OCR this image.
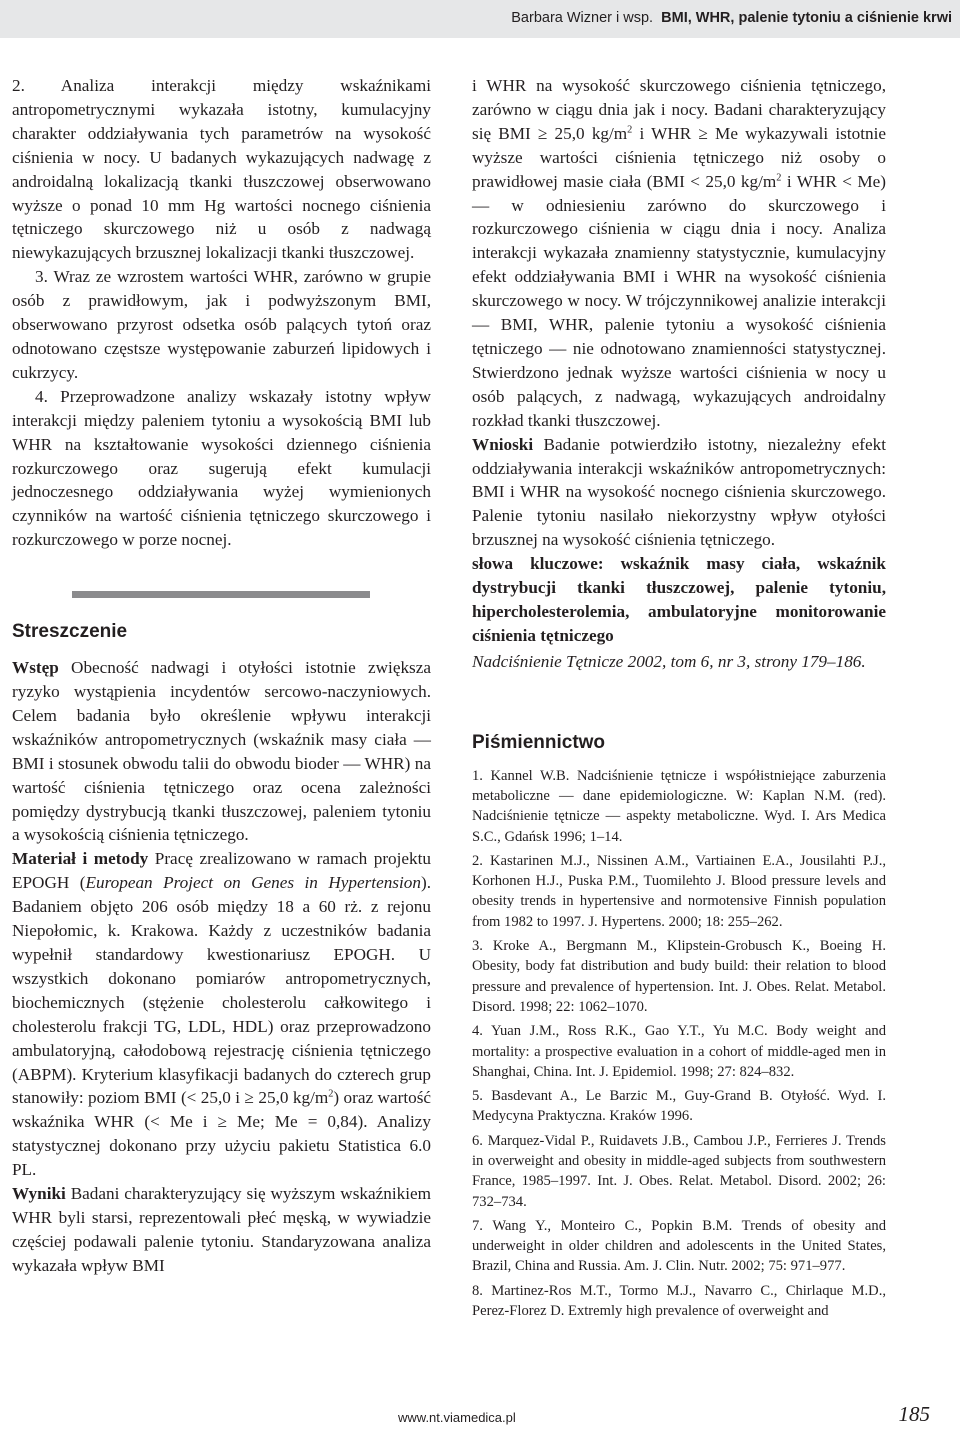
Barbara Wizner i wsp. BMI, WHR, palenie tytoniu a ciśnienie krwi

2. Analiza interakcji między wskaźnikami antropometrycznymi wykazała istotny, kumulacyjny charakter oddziaływania tych parametrów na wysokość ciśnienia w nocy. U badanych wykazujących nadwagę z androidalną lokalizacją tkanki tłuszczowej obserwowano wyższe o ponad 10 mm Hg wartości nocnego ciśnienia tętniczego skurczowego niż u osób z nadwagą niewykazujących brzusznej lokalizacji tkanki tłuszczowej.

3. Wraz ze wzrostem wartości WHR, zarówno w grupie osób z prawidłowym, jak i podwyższonym BMI, obserwowano przyrost odsetka osób palących tytoń oraz odnotowano częstsze występowanie zaburzeń lipidowych i cukrzycy.

4. Przeprowadzone analizy wskazały istotny wpływ interakcji między paleniem tytoniu a wysokością BMI lub WHR na kształtowanie wysokości dziennego ciśnienia rozkurczowego oraz sugerują efekt kumulacji jednoczesnego oddziaływania wyżej wymienionych czynników na wartość ciśnienia tętniczego skurczowego i rozkurczowego w porze nocnej.

Streszczenie

Wstęp Obecność nadwagi i otyłości istotnie zwiększa ryzyko wystąpienia incydentów sercowo-naczyniowych. Celem badania było określenie wpływu interakcji wskaźników antropometrycznych (wskaźnik masy ciała — BMI i stosunek obwodu talii do obwodu bioder — WHR) na wartość ciśnienia tętniczego oraz ocena zależności pomiędzy dystrybucją tkanki tłuszczowej, paleniem tytoniu a wysokością ciśnienia tętniczego.

Materiał i metody Pracę zrealizowano w ramach projektu EPOGH (European Project on Genes in Hypertension). Badaniem objęto 206 osób między 18 a 60 rż. z rejonu Niepołomic, k. Krakowa. Każdy z uczestników badania wypełnił standardowy kwestionariusz EPOGH. U wszystkich dokonano pomiarów antropometrycznych, biochemicznych (stężenie cholesterolu całkowitego i cholesterolu frakcji TG, LDL, HDL) oraz przeprowadzono ambulatoryjną, całodobową rejestrację ciśnienia tętniczego (ABPM). Kryterium klasyfikacji badanych do czterech grup stanowiły: poziom BMI (< 25,0 i ≥ 25,0 $kg/m^2$) oraz wartość wskaźnika WHR (< Me i ≥ Me; Me = 0,84). Analizy statystycznej dokonano przy użyciu pakietu Statistica 6.0 PL.

Wyniki Badani charakteryzujący się wyższym wskaźnikiem WHR byli starsi, reprezentowali płeć męską, w wywiadzie częściej podawali palenie tytoniu. Standaryzowana analiza wykazała wpływ BMI

i WHR na wysokość skurczowego ciśnienia tętniczego, zarówno w ciągu dnia jak i nocy. Badani charakteryzujący się BMI ≥ 25,0 $kg/m^2$ i WHR ≥ Me wykazywali istotnie wyższe wartości ciśnienia tętniczego niż osoby o prawidłowej masie ciała (BMI < 25,0 $kg/m^2$ i WHR < Me) — w odniesieniu zarówno do skurczowego i rozkurczowego ciśnienia w ciągu dnia i nocy. Analiza interakcji wykazała znamienny statystycznie, kumulacyjny efekt oddziaływania BMI i WHR na wysokość ciśnienia skurczowego w nocy. W trójczynnikowej analizie interakcji — BMI, WHR, palenie tytoniu a wysokość ciśnienia tętniczego — nie odnotowano znamienności statystycznej. Stwierdzono jednak wyższe wartości ciśnienia w nocy u osób palących, z nadwagą, wykazujących androidalny rozkład tkanki tłuszczowej.

Wnioski Badanie potwierdziło istotny, niezależny efekt oddziaływania interakcji wskaźników antropometrycznych: BMI i WHR na wysokość nocnego ciśnienia skurczowego. Palenie tytoniu nasilało niekorzystny wpływ otyłości brzusznej na wysokość ciśnienia tętniczego.

słowa kluczowe: wskaźnik masy ciała, wskaźnik dystrybucji tkanki tłuszczowej, palenie tytoniu, hipercholesterolemia, ambulatoryjne monitorowanie ciśnienia tętniczego

Nadciśnienie Tętnicze 2002, tom 6, nr 3, strony 179–186.

Piśmiennictwo
1. Kannel W.B. Nadciśnienie tętnicze i współistniejące zaburzenia metaboliczne — dane epidemiologiczne. W: Kaplan N.M. (red). Nadciśnienie tętnicze — aspekty metaboliczne. Wyd. I. Ars Medica S.C., Gdańsk 1996; 1–14.
2. Kastarinen M.J., Nissinen A.M., Vartiainen E.A., Jousilahti P.J., Korhonen H.J., Puska P.M., Tuomilehto J. Blood pressure levels and obesity trends in hypertensive and normotensive Finnish population from 1982 to 1997. J. Hypertens. 2000; 18: 255–262.
3. Kroke A., Bergmann M., Klipstein-Grobusch K., Boeing H. Obesity, body fat distribution and budy build: their relation to blood pressure and prevalence of hypertension. Int. J. Obes. Relat. Metabol. Disord. 1998; 22: 1062–1070.
4. Yuan J.M., Ross R.K., Gao Y.T., Yu M.C. Body weight and mortality: a prospective evaluation in a cohort of middle-aged men in Shanghai, China. Int. J. Epidemiol. 1998; 27: 824–832.
5. Basdevant A., Le Barzic M., Guy-Grand B. Otyłość. Wyd. I. Medycyna Praktyczna. Kraków 1996.
6. Marquez-Vidal P., Ruidavets J.B., Cambou J.P., Ferrieres J. Trends in overweight and obesity in middle-aged subjects from southwestern France, 1985–1997. Int. J. Obes. Relat. Metabol. Disord. 2002; 26: 732–734.
7. Wang Y., Monteiro C., Popkin B.M. Trends of obesity and underweight in older children and adolescents in the United States, Brazil, China and Russia. Am. J. Clin. Nutr. 2002; 75: 971–977.
8. Martinez-Ros M.T., Tormo M.J., Navarro C., Chirlaque M.D., Perez-Florez D. Extremly high prevalence of overweight and
www.nt.viamedica.pl	185
